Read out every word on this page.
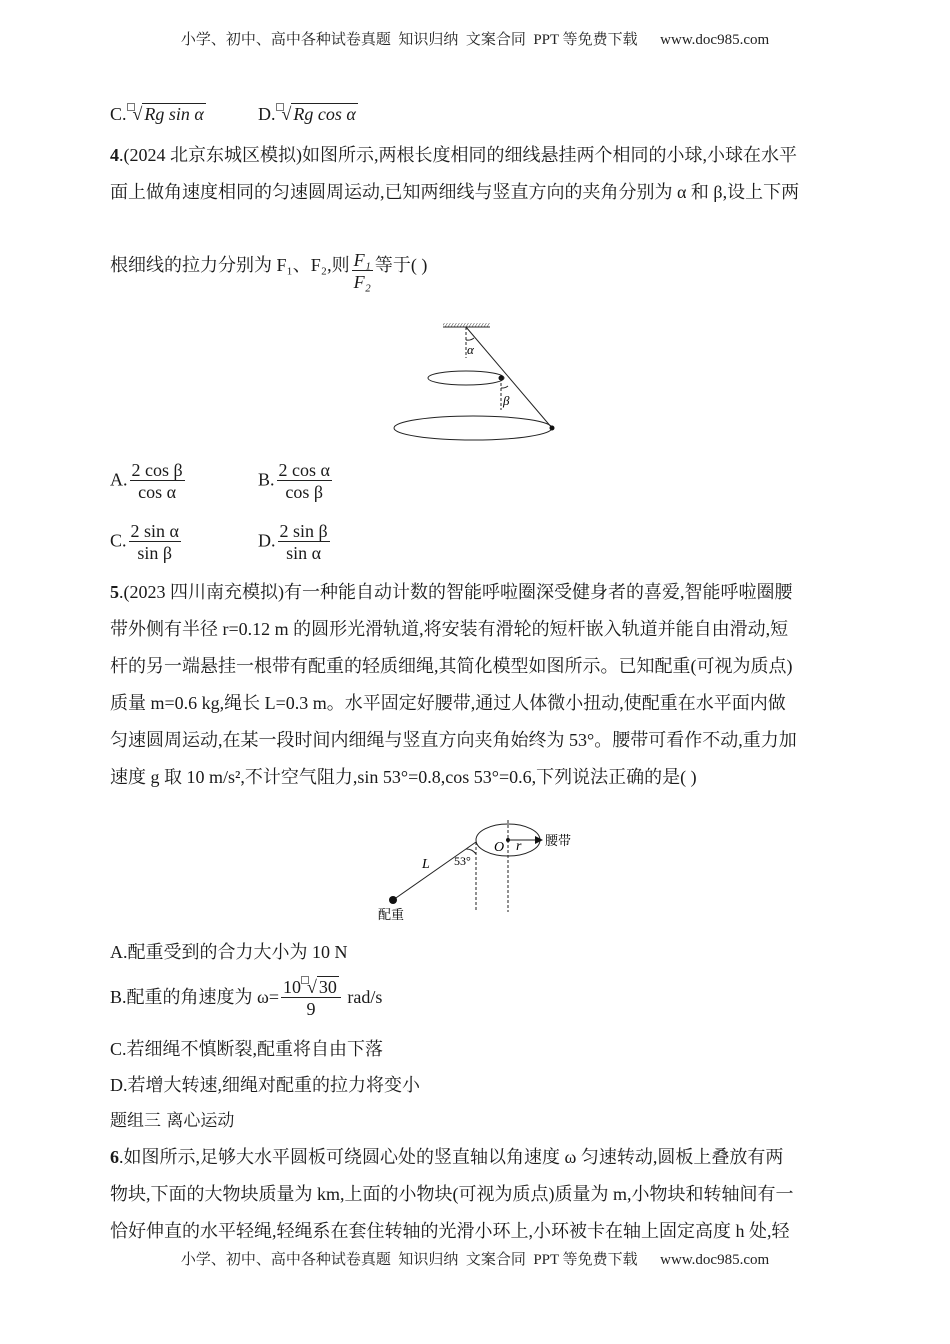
小学、初中、高中各种试卷真题  知识归纳  文案合同  PPT 等免费下载      www.doc985.com
C. √ Rg sin α	D. √ Rg cos α
4.(2024 北京东城区模拟)如图所示,两根长度相同的细线悬挂两个相同的小球,小球在水平
面上做角速度相同的匀速圆周运动,已知两细线与竖直方向的夹角分别为 α 和 β,设上下两
根细线的拉力分别为 F₁、F₂,则 $\frac{\text{F₁}}{\text{F₂}}$ 等于( )
α
β
A. $\frac{\text{2 cos β}}{\text{cos α}}$	B. $\frac{\text{2 cos α}}{\text{cos β}}$
C. $\frac{\text{2 sin α}}{\text{sin β}}$	D. $\frac{\text{2 sin β}}{\text{sin α}}$
5.(2023 四川南充模拟)有一种能自动计数的智能呼啦圈深受健身者的喜爱,智能呼啦圈腰
带外侧有半径 r=0.12 m 的圆形光滑轨道,将安装有滑轮的短杆嵌入轨道并能自由滑动,短
杆的另一端悬挂一根带有配重的轻质细绳,其简化模型如图所示。已知配重(可视为质点)
质量 m=0.6 kg,绳长 L=0.3 m。水平固定好腰带,通过人体微小扭动,使配重在水平面内做
匀速圆周运动,在某一段时间内细绳与竖直方向夹角始终为 53°。腰带可看作不动,重力加
速度 g 取 10 m/s²,不计空气阻力,sin 53°=0.8,cos 53°=0.6,下列说法正确的是( )
腰带
O r
53°
L
配重
A.配重受到的合力大小为 10 N
B.配重的角速度为 $\omega= \frac{10 √ 30}{9} rad/s$
C.若细绳不慎断裂,配重将自由下落
D.若增大转速,细绳对配重的拉力将变小
题组三 离心运动
6.如图所示,足够大水平圆板可绕圆心处的竖直轴以角速度 ω 匀速转动,圆板上叠放有两
物块,下面的大物块质量为 km,上面的小物块(可视为质点)质量为 m,小物块和转轴间有一
恰好伸直的水平轻绳,轻绳系在套住转轴的光滑小环上,小环被卡在轴上固定高度 h 处,轻
小学、初中、高中各种试卷真题  知识归纳  文案合同  PPT 等免费下载      www.doc985.com
